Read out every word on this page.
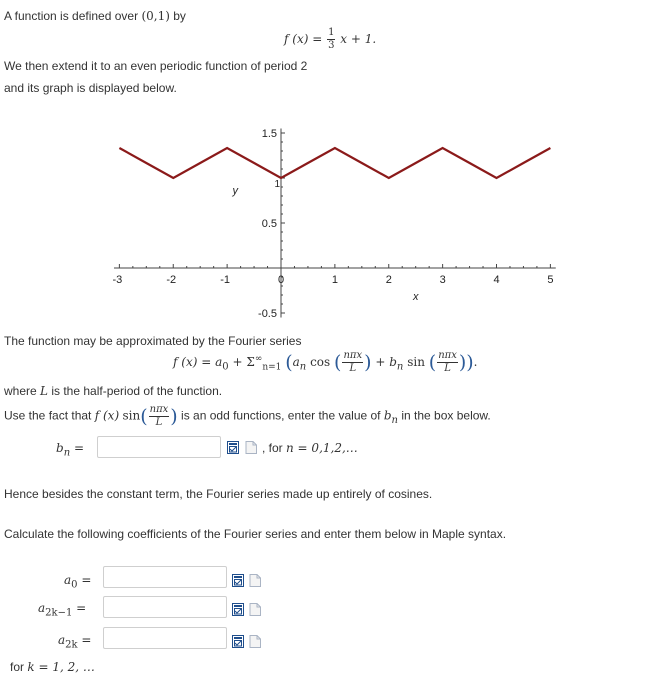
A function is defined over (0,1) by
f $(x) = \frac{1}{3}$ x + 1.
We then extend it to an even periodic function of period 2
and its graph is displayed below.
-3	-2	-1	0	1	2	3	4	5
1.5
0.5
-0.5
1
x
y
The function may be approximated by the Fourier series
f $(x) = a_0 + \Sigma^\infty_{n=1}$ ($a_n$ cos ( $\frac{\text{nπx}}{L}$ ) + $b_n$ sin ( $\frac{\text{nπx}}{L}$ )).
where L is the half-period of the function.
Use the fact that f (x) $\sin( \frac{\text{nπx}}{L}$ ) is an odd functions, enter the value of $b_n$ in the box below.
$b_n$ =	, for n = 0,1,2,…
Hence besides the constant term, the Fourier series made up entirely of cosines.
Calculate the following coefficients of the Fourier series and enter them below in Maple syntax.
$a_0$ =
$a_{2k-1}$ =
$a_{2k}$ =
for k = 1, 2, …
